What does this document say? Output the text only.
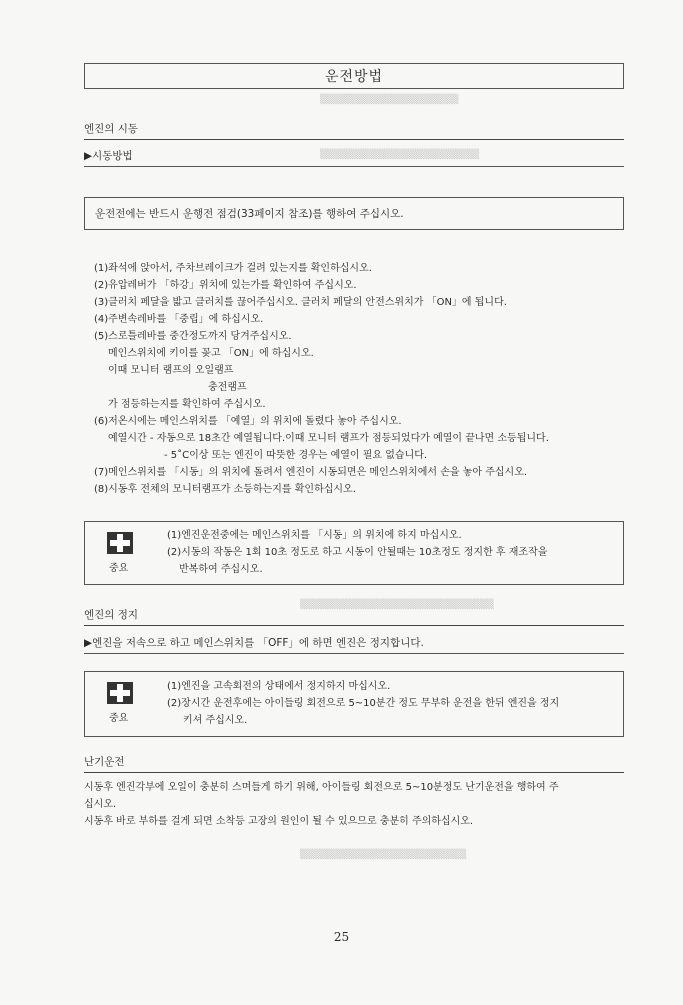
▒▒▒▒▒▒▒▒▒▒▒▒▒▒▒▒▒▒▒▒
▒▒▒▒▒▒▒▒▒▒▒▒▒▒▒▒▒▒▒▒▒▒▒
▒▒▒▒▒▒▒▒▒▒▒▒▒▒▒▒▒▒▒▒▒▒▒▒▒▒▒▒
▒▒▒▒▒▒▒▒▒▒▒▒▒▒▒▒▒▒▒▒▒▒▒▒
운전방법
엔진의 시동
▶시동방법
운전전에는 반드시 운행전 점검(33페이지 참조)를 행하여 주십시오.
(1)좌석에 앉아서, 주차브레이크가 걸려 있는지를 확인하십시오.
(2)유압레버가 「하강」위치에 있는가를 확인하여 주십시오.
(3)클러치 페달을 밟고 클러치를 끊어주십시오. 클러치 페달의 안전스위치가 「ON」에 됩니다.
(4)주변속레바를 「중립」에 하십시오.
(5)스로틀레바를 중간정도까지 당겨주십시오.
메인스위치에 키이를 꽂고 「ON」에 하십시오.
이때 모니터 램프의 오일램프
충전램프
가 점등하는지를 확인하여 주십시오.
(6)저온시에는 메인스위치를 「예열」의 위치에 돌렸다 놓아 주십시오.
예열시간 - 자동으로 18초간 예열됩니다.이때 모니터 램프가 점등되었다가 예열이 끝나면 소등됩니다.
- 5˚C이상 또는 엔진이 따뜻한 경우는 예열이 필요 없습니다.
(7)메인스위치를 「시동」의 위치에 돌려서 엔진이 시동되면은 메인스위치에서 손을 놓아 주십시오.
(8)시동후 전체의 모니터램프가 소등하는지를 확인하십시오.
중요
(1)엔진운전중에는 메인스위치를 「시동」의 위치에 하지 마십시오.
(2)시동의 작동은 1회 10초 정도로 하고 시동이 안될때는 10초정도 정지한 후 재조작을
반복하여 주십시오.
엔진의 정지
▶엔진을 저속으로 하고 메인스위치를 「OFF」에 하면 엔진은 정지합니다.
중요
(1)엔진을 고속회전의 상태에서 정지하지 마십시오.
(2)장시간 운전후에는 아이들링 회전으로 5~10분간 정도 무부하 운전을 한뒤 엔진을 정지
키셔 주십시오.
난기운전
시동후 엔진각부에 오일이 충분히 스며들게 하기 위해, 아이들링 회전으로 5~10분정도 난기운전을 행하여 주
십시오.
시동후 바로 부하를 걸게 되면 소착등 고장의 원인이 될 수 있으므로 충분히 주의하십시오.
25
